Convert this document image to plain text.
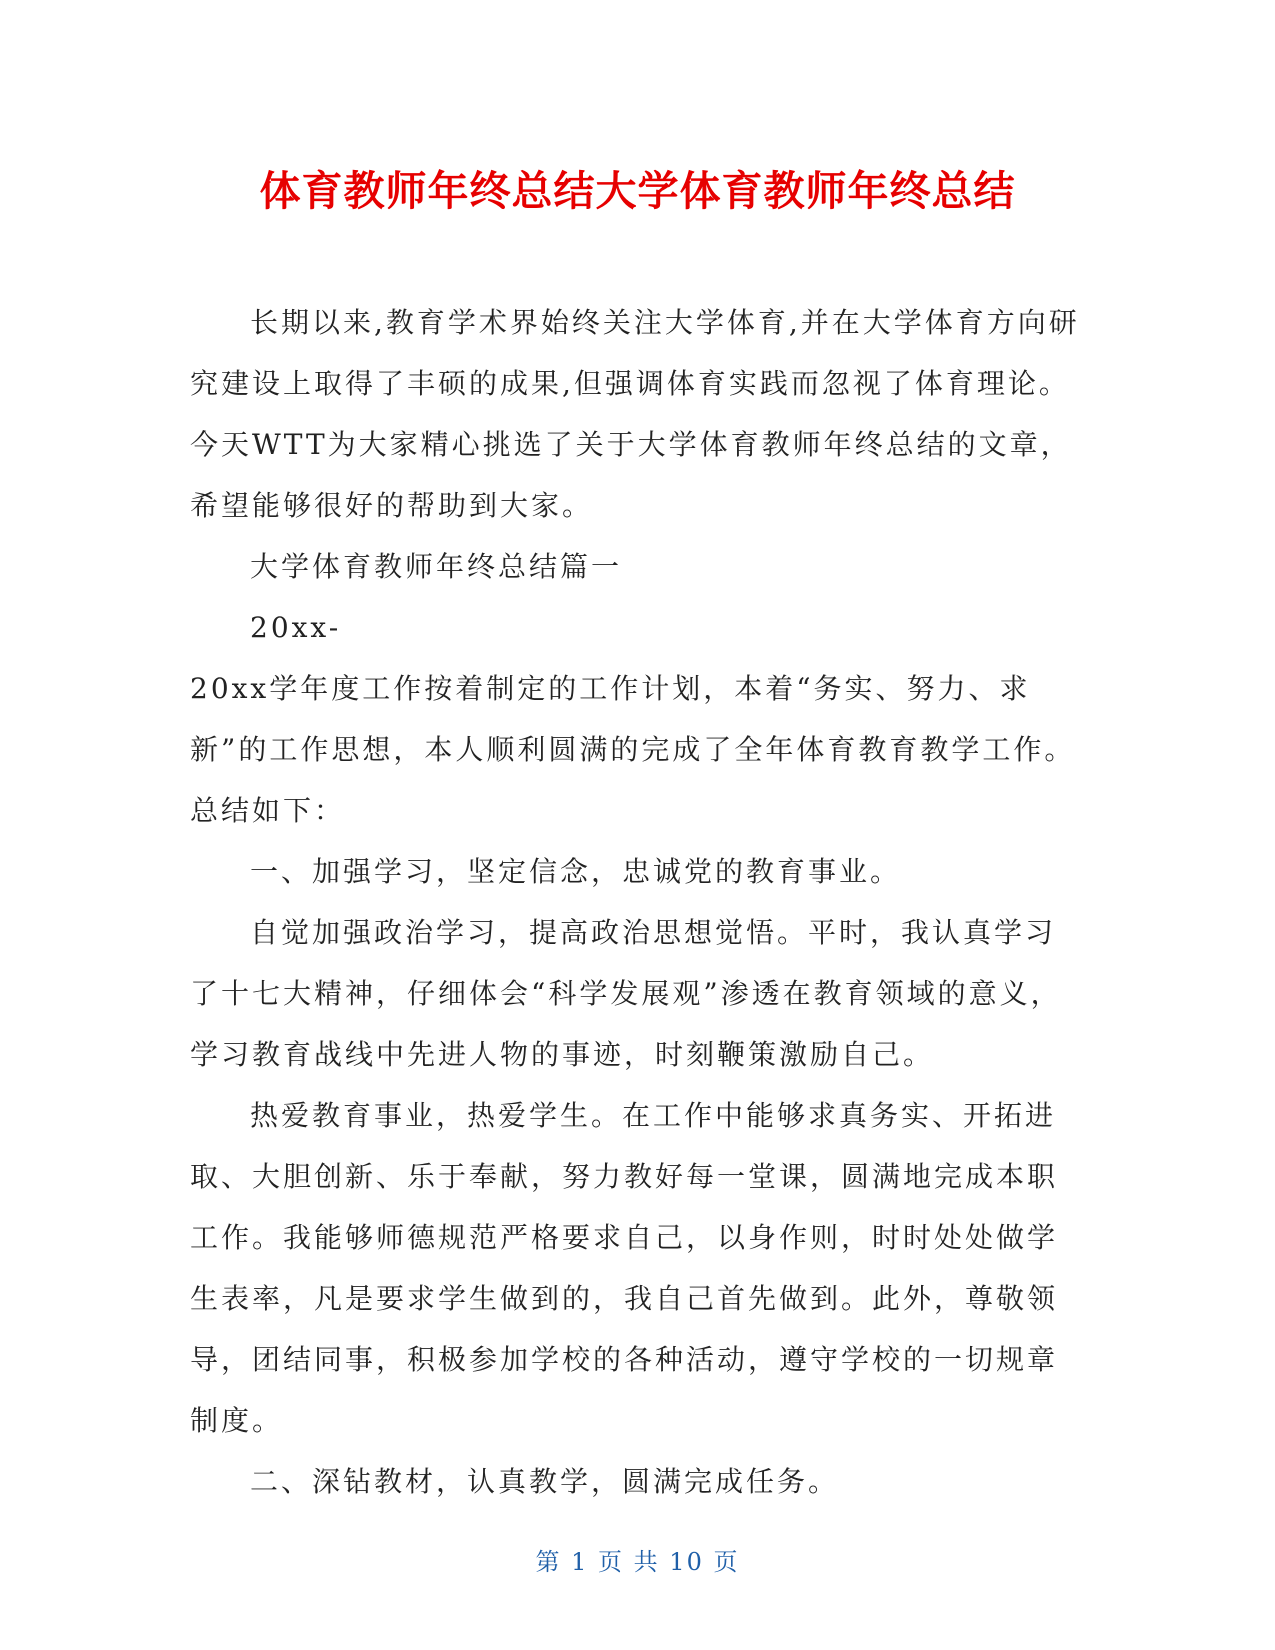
体育教师年终总结大学体育教师年终总结

长期以来,教育学术界始终关注大学体育,并在大学体育方向研究建设上取得了丰硕的成果,但强调体育实践而忽视了体育理论。今天WTT为大家精心挑选了关于大学体育教师年终总结的文章，希望能够很好的帮助到大家。

大学体育教师年终总结篇一

20xx-

20xx学年度工作按着制定的工作计划，本着“务实、努力、求新”的工作思想，本人顺利圆满的完成了全年体育教育教学工作。总结如下：

一、加强学习，坚定信念，忠诚党的教育事业。

自觉加强政治学习，提高政治思想觉悟。平时，我认真学习了十七大精神，仔细体会“科学发展观”渗透在教育领域的意义，学习教育战线中先进人物的事迹，时刻鞭策激励自己。

热爱教育事业，热爱学生。在工作中能够求真务实、开拓进取、大胆创新、乐于奉献，努力教好每一堂课，圆满地完成本职工作。我能够师德规范严格要求自己，以身作则，时时处处做学生表率，凡是要求学生做到的，我自己首先做到。此外，尊敬领导，团结同事，积极参加学校的各种活动，遵守学校的一切规章制度。

二、深钻教材，认真教学，圆满完成任务。

第 1 页 共 10 页
